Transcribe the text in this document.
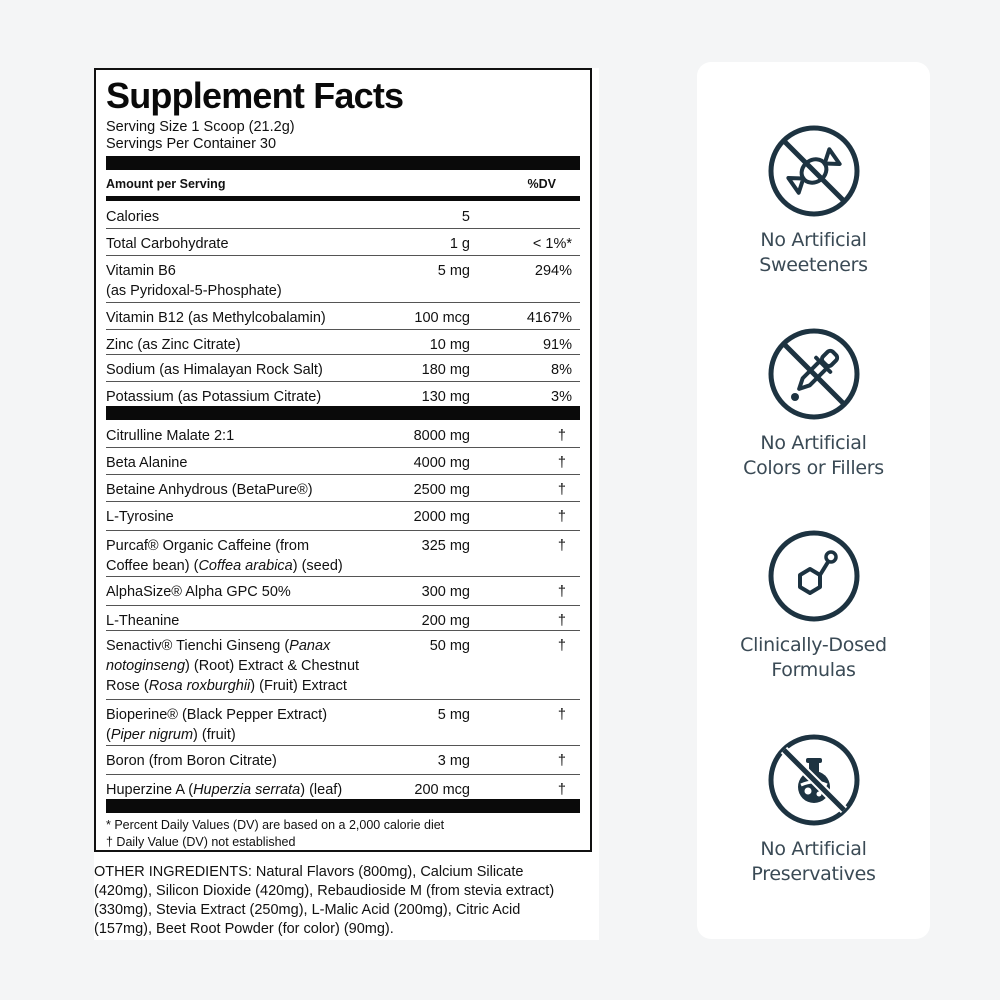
Supplement Facts
Serving Size 1 Scoop (21.2g)
Servings Per Container 30
Amount per Serving	%DV
Calories	5
Total Carbohydrate	1 g	< 1%*
Vitamin B6
(as Pyridoxal-5-Phosphate)
5 mg	294%
Vitamin B12 (as Methylcobalamin)	100 mcg	4167%
Zinc (as Zinc Citrate)	10 mg	91%
Sodium (as Himalayan Rock Salt)	180 mg	8%
Potassium (as Potassium Citrate)	130 mg	3%
Citrulline Malate 2:1	8000 mg	†
Beta Alanine	4000 mg	†
Betaine Anhydrous (BetaPure®)	2500 mg	†
L-Tyrosine	2000 mg	†
Purcaf® Organic Caffeine (from
Coffee bean) (Coffea arabica) (seed)
325 mg	†
AlphaSize® Alpha GPC 50%	300 mg	†
L-Theanine	200 mg	†
Senactiv® Tienchi Ginseng (Panax
notoginseng) (Root) Extract & Chestnut
Rose (Rosa roxburghii) (Fruit) Extract
50 mg	†
Bioperine® (Black Pepper Extract)
(Piper nigrum) (fruit)
5 mg	†
Boron (from Boron Citrate)	3 mg	†
Huperzine A (Huperzia serrata) (leaf)	200 mcg	†
* Percent Daily Values (DV) are based on a 2,000 calorie diet
† Daily Value (DV) not established
OTHER INGREDIENTS: Natural Flavors (800mg), Calcium Silicate
(420mg), Silicon Dioxide (420mg), Rebaudioside M (from stevia extract)
(330mg), Stevia Extract (250mg), L-Malic Acid (200mg), Citric Acid
(157mg), Beet Root Powder (for color) (90mg).
No Artificial
Sweeteners
No Artificial
Colors or Fillers
Clinically-Dosed
Formulas
No Artificial
Preservatives
